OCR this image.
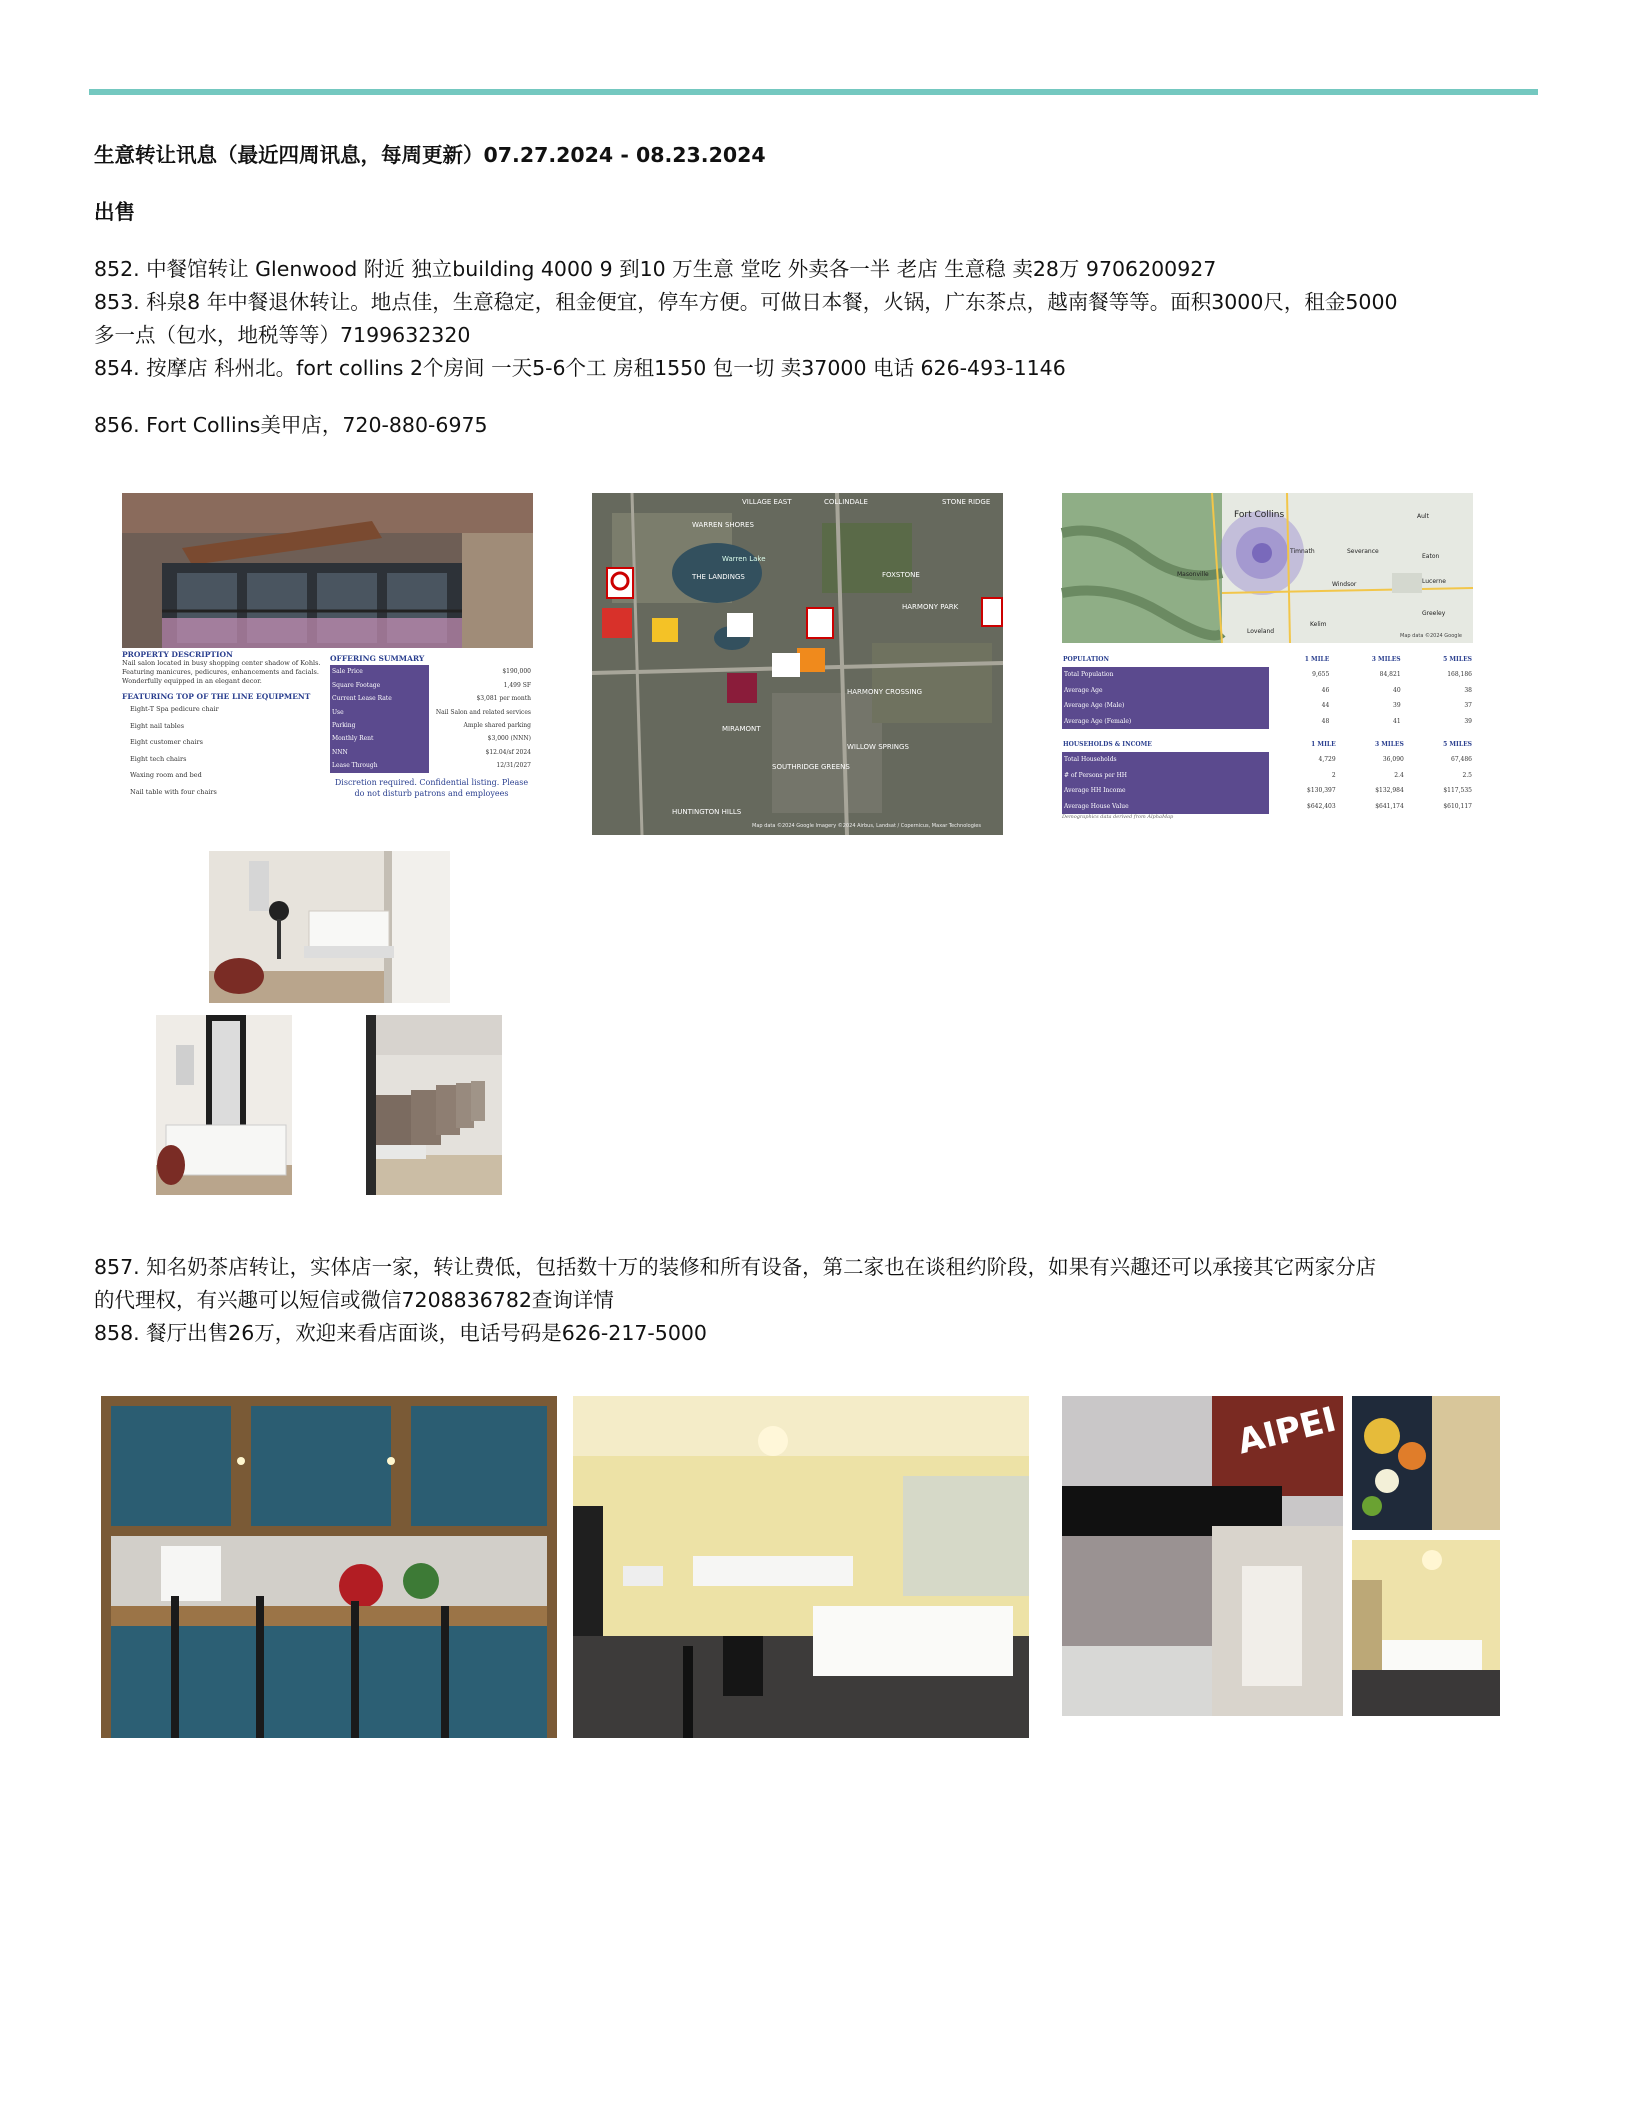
生意转让讯息（最近四周讯息，每周更新）07.27.2024 - 08.23.2024
出售
852. 中餐馆转让 Glenwood 附近 独立building 4000 9 到10 万生意 堂吃 外卖各一半 老店 生意稳 卖28万 9706200927
853. 科泉8 年中餐退休转让。地点佳，生意稳定，租金便宜，停车方便。可做日本餐，火锅，广东茶点，越南餐等等。面积3000尺，租金5000
多一点（包水，地税等等）7199632320
854. 按摩店 科州北。fort collins 2个房间 一天5-6个工 房租1550 包一切 卖37000 电话 626-493-1146
856. Fort Collins美甲店，720-880-6975
PROPERTY DESCRIPTION
Nail salon located in busy shopping center shadow of Kohls.
Featuring manicures, pedicures, enhancements and facials.
Wonderfully equipped in an elegant decor.
FEATURING TOP OF THE LINE EQUIPMENT
Eight-T Spa pedicure chair
Eight nail tables
Eight customer chairs
Eight tech chairs
Waxing room and bed
Nail table with four chairs
OFFERING SUMMARY
Sale Price	$190,000
Square Footage	1,499 SF
Current Lease Rate	$3,081 per month
Use	Nail Salon and related services
Parking	Ample shared parking
Monthly Rent	$3,000 (NNN)
NNN	$12.04/sf 2024
Lease Through	12/31/2027
Discretion required. Confidential listing. Please
do not disturb patrons and employees
VILLAGE EAST	COLLINDALE
WARREN SHORES
Warren Lake
THE LANDINGS	FOXSTONE
HARMONY PARK
MIRAMONT
SOUTHRIDGE GREENS
HUNTINGTON HILLS
HARMONY CROSSING
WILLOW SPRINGS
STONE RIDGE
Map data ©2024 Google Imagery ©2024 Airbus, Landsat / Copernicus, Maxar Technologies
Fort Collins
Timnath	Severance
Eaton
Windsor
Loveland
Kelim
Greeley
Masonville
Ault
Lucerne
Map data ©2024 Google
POPULATION	1 MILE	3 MILES	5 MILES
Total Population	9,655	84,821	168,186
Average Age	46	40	38
Average Age (Male)	44	39	37
Average Age (Female)	48	41	39
HOUSEHOLDS & INCOME	1 MILE	3 MILES	5 MILES
Total Households	4,729	36,090	67,486
# of Persons per HH	2	2.4	2.5
Average HH Income	$130,397	$132,984	$117,535
Average House Value	$642,403	$641,174	$610,117
Demographics data derived from AlphaMap
857. 知名奶茶店转让，实体店一家，转让费低，包括数十万的装修和所有设备，第二家也在谈租约阶段，如果有兴趣还可以承接其它两家分店
的代理权，有兴趣可以短信或微信7208836782查询详情
858. 餐厅出售26万，欢迎来看店面谈，电话号码是626-217-5000
AIPEI
